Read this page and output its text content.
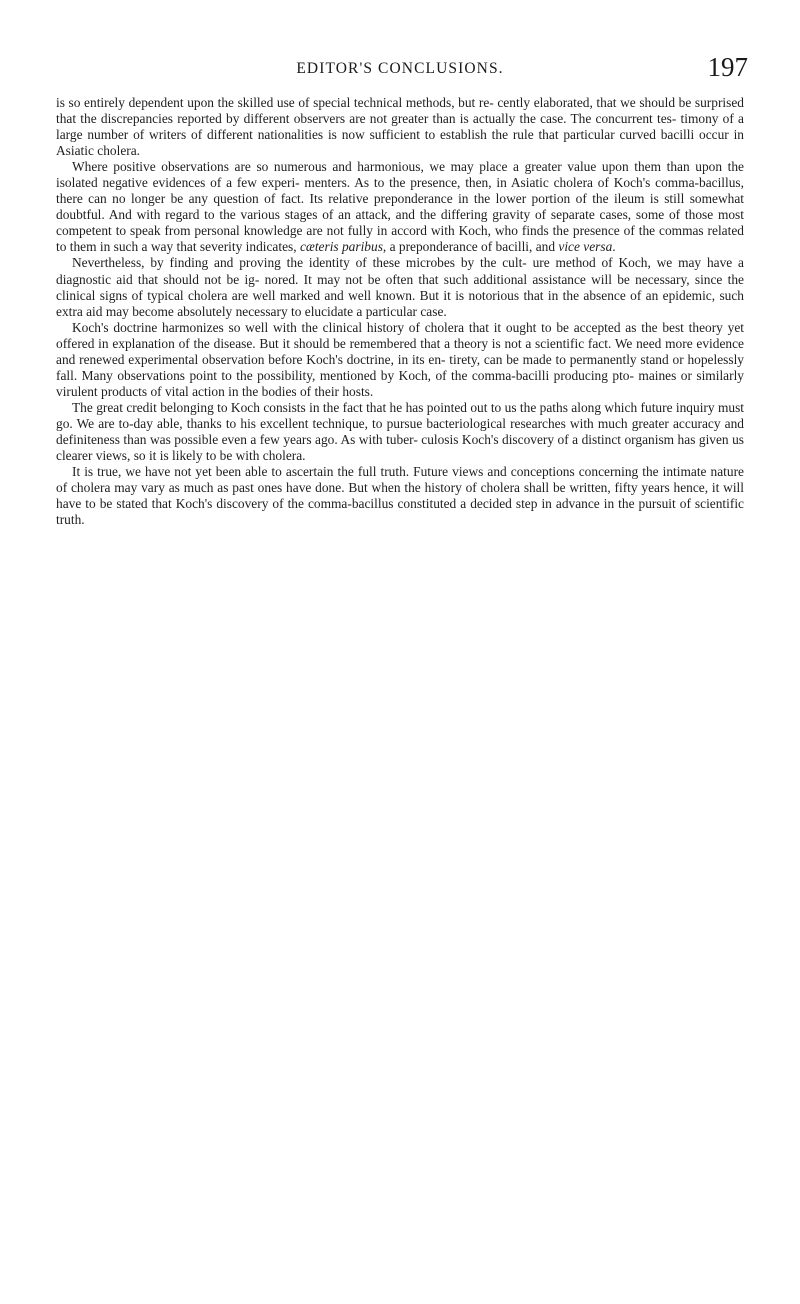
EDITOR'S CONCLUSIONS.	197

is so entirely dependent upon the skilled use of special technical methods, but re- cently elaborated, that we should be surprised that the discrepancies reported by different observers are not greater than is actually the case. The concurrent tes- timony of a large number of writers of different nationalities is now sufficient to establish the rule that particular curved bacilli occur in Asiatic cholera.

Where positive observations are so numerous and harmonious, we may place a greater value upon them than upon the isolated negative evidences of a few experi- menters. As to the presence, then, in Asiatic cholera of Koch's comma-bacillus, there can no longer be any question of fact. Its relative preponderance in the lower portion of the ileum is still somewhat doubtful. And with regard to the various stages of an attack, and the differing gravity of separate cases, some of those most competent to speak from personal knowledge are not fully in accord with Koch, who finds the presence of the commas related to them in such a way that severity indicates, cæteris paribus, a preponderance of bacilli, and vice versa.

Nevertheless, by finding and proving the identity of these microbes by the cult- ure method of Koch, we may have a diagnostic aid that should not be ig- nored. It may not be often that such additional assistance will be necessary, since the clinical signs of typical cholera are well marked and well known. But it is notorious that in the absence of an epidemic, such extra aid may become absolutely necessary to elucidate a particular case.

Koch's doctrine harmonizes so well with the clinical history of cholera that it ought to be accepted as the best theory yet offered in explanation of the disease. But it should be remembered that a theory is not a scientific fact. We need more evidence and renewed experimental observation before Koch's doctrine, in its en- tirety, can be made to permanently stand or hopelessly fall. Many observations point to the possibility, mentioned by Koch, of the comma-bacilli producing pto- maines or similarly virulent products of vital action in the bodies of their hosts.

The great credit belonging to Koch consists in the fact that he has pointed out to us the paths along which future inquiry must go. We are to-day able, thanks to his excellent technique, to pursue bacteriological researches with much greater accuracy and definiteness than was possible even a few years ago. As with tuber- culosis Koch's discovery of a distinct organism has given us clearer views, so it is likely to be with cholera.

It is true, we have not yet been able to ascertain the full truth. Future views and conceptions concerning the intimate nature of cholera may vary as much as past ones have done. But when the history of cholera shall be written, fifty years hence, it will have to be stated that Koch's discovery of the comma-bacillus constituted a decided step in advance in the pursuit of scientific truth.
